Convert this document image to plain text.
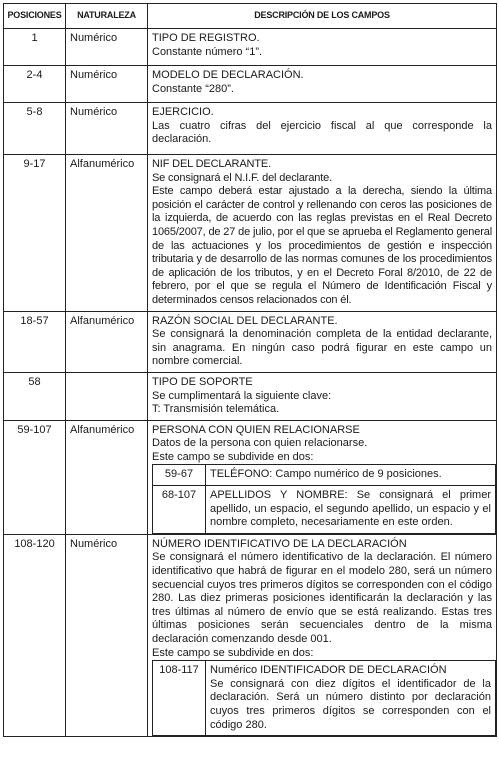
POSICIONES	NATURALEZA	DESCRIPCIÓN DE LOS CAMPOS
1	Numérico	TIPO DE REGISTRO.
Constante número “1”.

2-4	Numérico	MODELO DE DECLARACIÓN.
Constante “280”.

5-8	Numérico	EJERCICIO.
Las cuatro cifras del ejercicio fiscal al que corresponde la declaración.

9-17	Alfanumérico	NIF DEL DECLARANTE.
Se consignará el N.I.F. del declarante.
Este campo deberá estar ajustado a la derecha, siendo la última posición el carácter de control y rellenando con ceros las posiciones de la izquierda, de acuerdo con las reglas previstas en el Real Decreto 1065/2007, de 27 de julio, por el que se aprueba el Reglamento general de las actuaciones y los procedimientos de gestión e inspección tributaria y de desarrollo de las normas comunes de los procedimientos de aplicación de los tributos, y en el Decreto Foral 8/2010, de 22 de febrero, por el que se regula el Número de Identificación Fiscal y determinados censos relacionados con él.

18-57	Alfanumérico	RAZÓN SOCIAL DEL DECLARANTE.
Se consignará la denominación completa de la entidad declarante, sin anagrama. En ningún caso podrá figurar en este campo un nombre comercial.

58		TIPO DE SOPORTE
Se cumplimentará la siguiente clave:
T: Transmisión telemática.

59-107	Alfanumérico	PERSONA CON QUIEN RELACIONARSE
Datos de la persona con quien relacionarse.
Este campo se subdivide en dos:
59-67	TELÉFONO: Campo numérico de 9 posiciones.
68-107	APELLIDOS Y NOMBRE: Se consignará el primer apellido, un espacio, el segundo apellido, un espacio y el nombre completo, necesariamente en este orden.

108-120	Numérico	NÚMERO IDENTIFICATIVO DE LA DECLARACIÓN
Se consignará el número identificativo de la declaración. El número identificativo que habrá de figurar en el modelo 280, será un número secuencial cuyos tres primeros dígitos se corresponden con el código 280. Las diez primeras posiciones identificarán la declaración y las tres últimas al número de envío que se está realizando. Estas tres últimas posiciones serán secuenciales dentro de la misma declaración comenzando desde 001.
Este campo se subdivide en dos:
108-117	Numérico IDENTIFICADOR DE DECLARACIÓN
Se consignará con diez dígitos el identificador de la declaración. Será un número distinto por declaración cuyos tres primeros dígitos se corresponden con el código 280.
